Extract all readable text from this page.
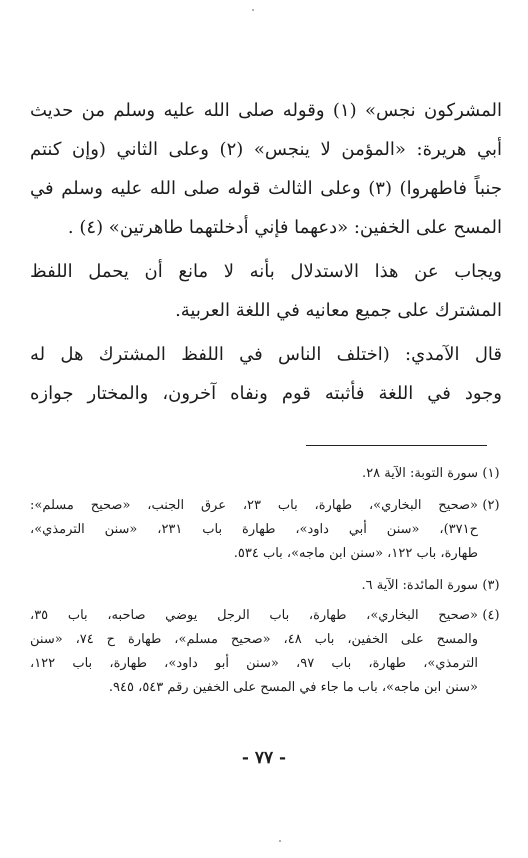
المشركون نجس» (١) وقوله صلى الله عليه وسلم من حديث
أبي هريرة: «المؤمن لا ينجس» (٢) وعلى الثاني (وإن كنتم
جنباً فاطهروا) (٣) وعلى الثالث قوله صلى الله عليه وسلم في
المسح على الخفين: «دعهما فإني أدخلتهما طاهرتين» (٤) .
ويجاب عن هذا الاستدلال بأنه لا مانع أن يحمل اللفظ
المشترك على جميع معانيه في اللغة العربية.
قال الآمدي: (اختلف الناس في اللفظ المشترك هل له
وجود في اللغة فأثبته قوم ونفاه آخرون، والمختار جوازه
(١)
سورة التوبة: الآية ٢٨.
(٢)
«صحيح البخاري»، طهارة، باب ٢٣، عرق الجنب، «صحيح مسلم»:
ح٣٧١)، «سنن أبي داود»، طهارة باب ٢٣١، «سنن الترمذي»،
طهارة، باب ١٢٢، «سنن ابن ماجه»، باب ٥٣٤.
(٣)
سورة المائدة: الآية ٦.
(٤)
«صحيح البخاري»، طهارة، باب الرجل يوضي صاحبه، باب ٣٥،
والمسح على الخفين، باب ٤٨، «صحيح مسلم»، طهارة ح ٧٤، «سنن
الترمذي»، طهارة، باب ٩٧، «سنن أبو داود»، طهارة، باب ١٢٢،
«سنن ابن ماجه»، باب ما جاء في المسح على الخفين رقم ٥٤٣، ٩٤٥.
- ٧٧ -
